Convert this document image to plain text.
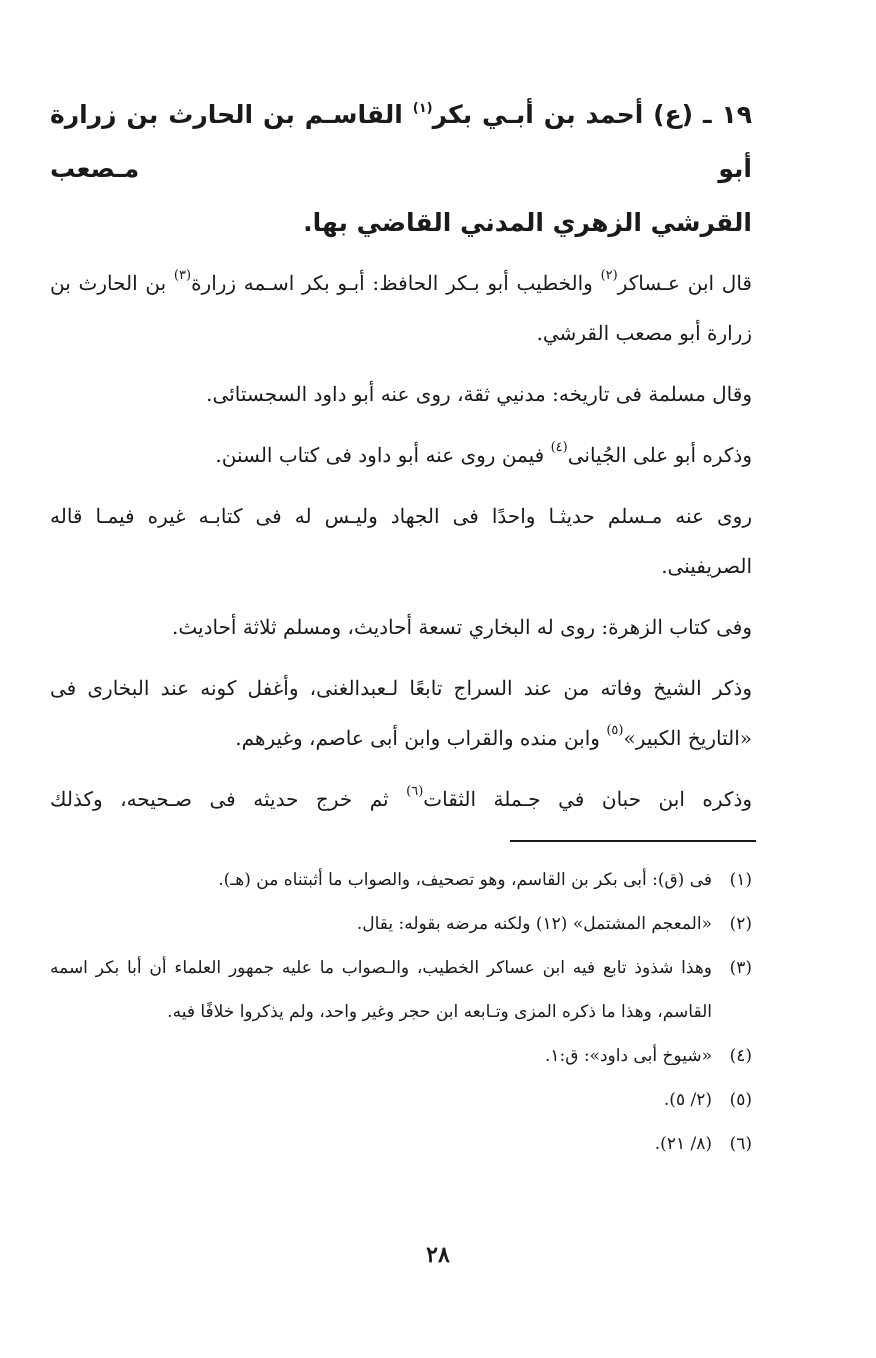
١٩ ـ (ع) أحمد بن أبـي بكر$^{(١)}$ القاسـم بن الحارث بن زرارة أبو مـصعب
القرشي الزهري المدني القاضي بها.

قال ابن عـساكر$^{(٢)}$ والخطيب أبو بـكر الحافظ: أبـو بكر اسـمه زرارة$^{(٣)}$ بن الحارث بن زرارة أبو مصعب القرشي.

وقال مسلمة فى تاريخه: مدنيي ثقة، روى عنه أبو داود السجستائى.

وذكره أبو على الجُيانى$^{(٤)}$ فيمن روى عنه أبو داود فى كتاب السنن.

روى عنه مـسلم حديثـا واحدًا فى الجهاد وليـس له فى كتابـه غيره فيمـا قاله الصريفينى.

وفى كتاب الزهرة: روى له البخاري تسعة أحاديث، ومسلم ثلاثة أحاديث.

وذكر الشيخ وفاته من عند السراج تابعًا لـعبدالغنى، وأغفل كونه عند البخارى فى «التاريخ الكبير»$^{(٥)}$ وابن منده والقراب وابن أبى عاصم، وغيرهم.

وذكره ابن حبان في جـملة الثقات$^{(٦)}$ ثم خرج حديثه فى صـحيحه، وكذلك

(١)
فى (ق): أبى بكر بن القاسم، وهو تصحيف، والصواب ما أثبتناه من (هـ).
(٢)
«المعجم المشتمل» (١٢) ولكنه مرضه بقوله: يقال.
(٣)
وهذا شذوذ تابع فيه ابن عساكر الخطيب، والـصواب ما عليه جمهور العلماء أن أبا بكر اسمه القاسم، وهذا ما ذكره المزى وتـابعه ابن حجر وغير واحد، ولم يذكروا خلافًا فيه.
(٤)
«شيوخ أبى داود»: ق:١.
(٥)
(٢/ ٥).
(٦)
(٨/ ٢١).
٢٨
